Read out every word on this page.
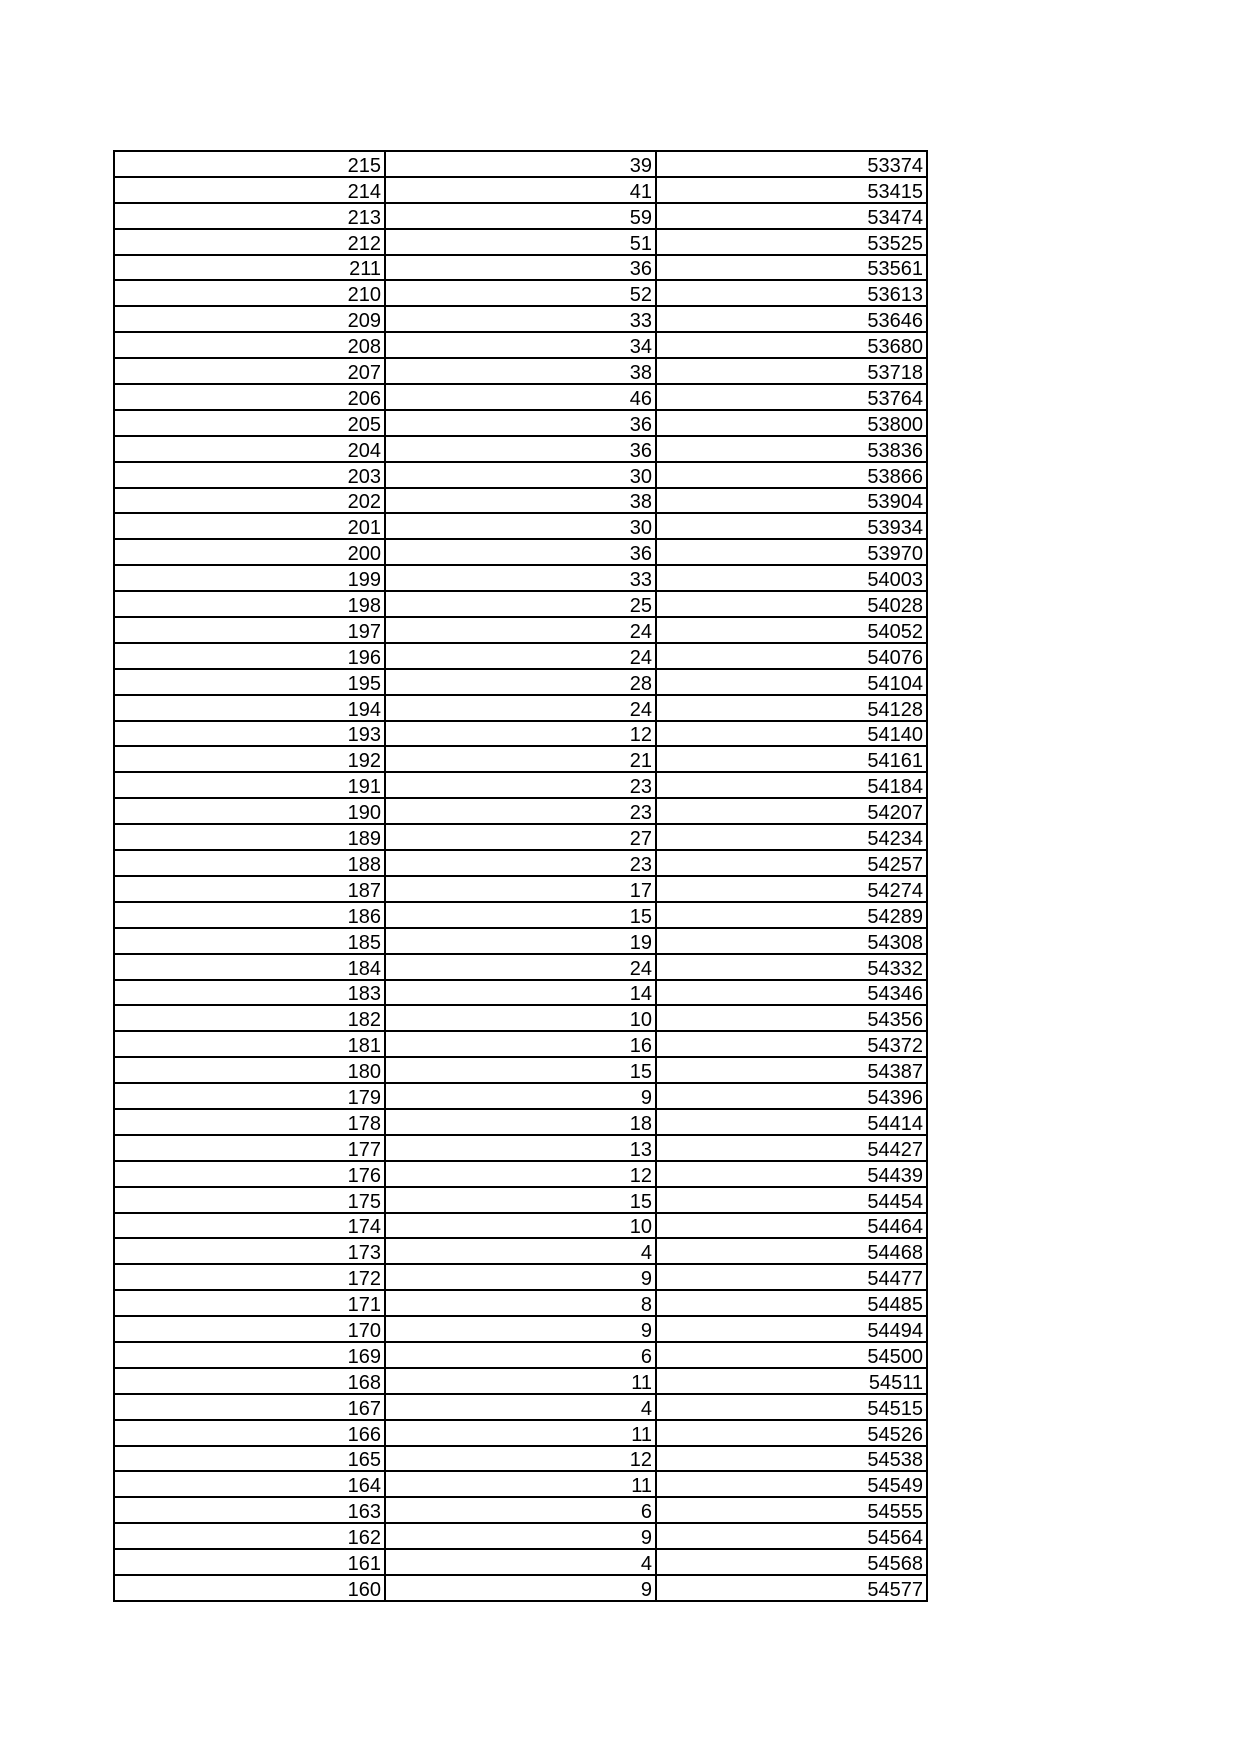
215	39	53374
214	41	53415
213	59	53474
212	51	53525
211	36	53561
210	52	53613
209	33	53646
208	34	53680
207	38	53718
206	46	53764
205	36	53800
204	36	53836
203	30	53866
202	38	53904
201	30	53934
200	36	53970
199	33	54003
198	25	54028
197	24	54052
196	24	54076
195	28	54104
194	24	54128
193	12	54140
192	21	54161
191	23	54184
190	23	54207
189	27	54234
188	23	54257
187	17	54274
186	15	54289
185	19	54308
184	24	54332
183	14	54346
182	10	54356
181	16	54372
180	15	54387
179	9	54396
178	18	54414
177	13	54427
176	12	54439
175	15	54454
174	10	54464
173	4	54468
172	9	54477
171	8	54485
170	9	54494
169	6	54500
168	11	54511
167	4	54515
166	11	54526
165	12	54538
164	11	54549
163	6	54555
162	9	54564
161	4	54568
160	9	54577
